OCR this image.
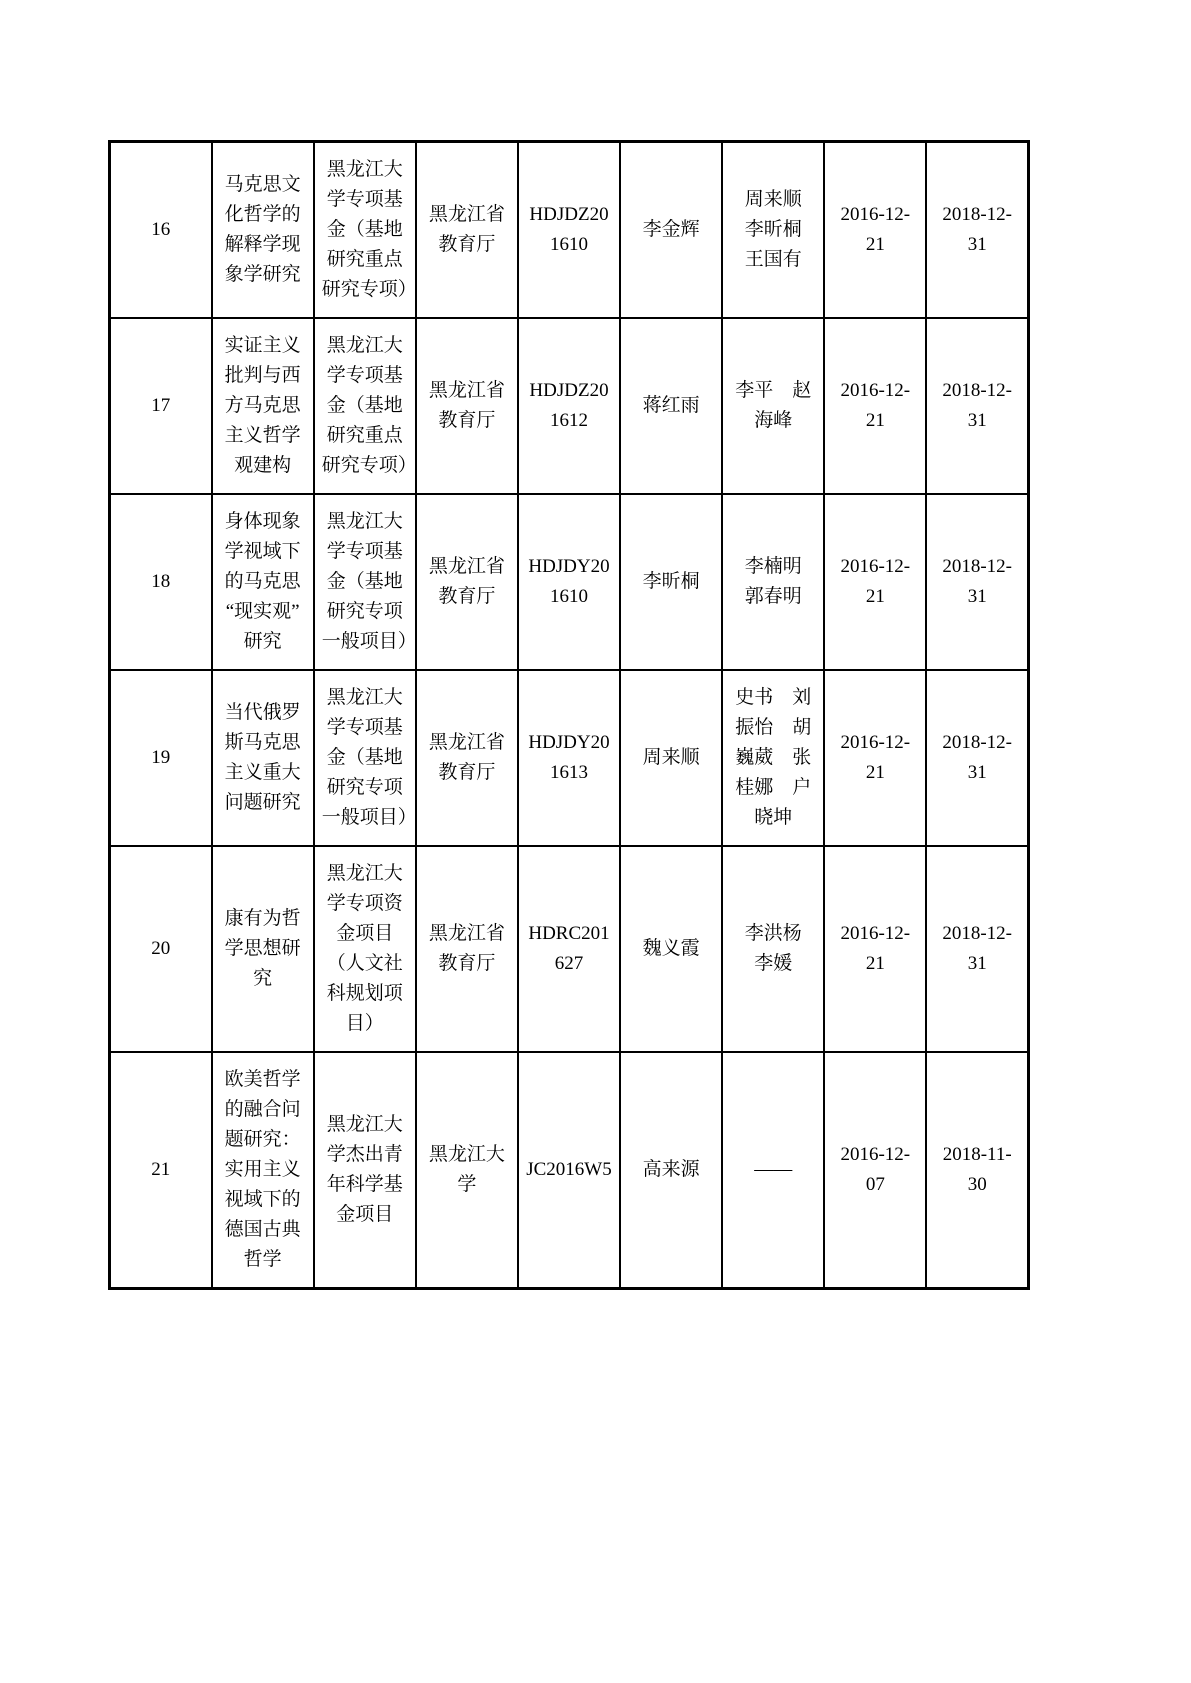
16	马克思文化哲学的解释学现象学研究	黑龙江大学专项基金（基地研究重点研究专项）	黑龙江省教育厅	HDJDZ201610	李金辉	周来顺　李昕桐　王国有	2016-12-21	2018-12-31
17	实证主义批判与西方马克思主义哲学观建构	黑龙江大学专项基金（基地研究重点研究专项）	黑龙江省教育厅	HDJDZ201612	蒋红雨	李平　赵海峰	2016-12-21	2018-12-31
18	身体现象学视域下的马克思“现实观”研究	黑龙江大学专项基金（基地研究专项一般项目）	黑龙江省教育厅	HDJDY201610	李昕桐	李楠明　郭春明	2016-12-21	2018-12-31
19	当代俄罗斯马克思主义重大问题研究	黑龙江大学专项基金（基地研究专项一般项目）	黑龙江省教育厅	HDJDY201613	周来顺	史书　刘振怡　胡巍葳　张桂娜　户晓坤	2016-12-21	2018-12-31
20	康有为哲学思想研究	黑龙江大学专项资金项目（人文社科规划项目）	黑龙江省教育厅	HDRC201627	魏义霞	李洪杨　李媛	2016-12-21	2018-12-31
21	欧美哲学的融合问题研究：实用主义视域下的德国古典哲学	黑龙江大学杰出青年科学基金项目	黑龙江大学	JC2016W5	高来源	——	2016-12-07	2018-11-30
